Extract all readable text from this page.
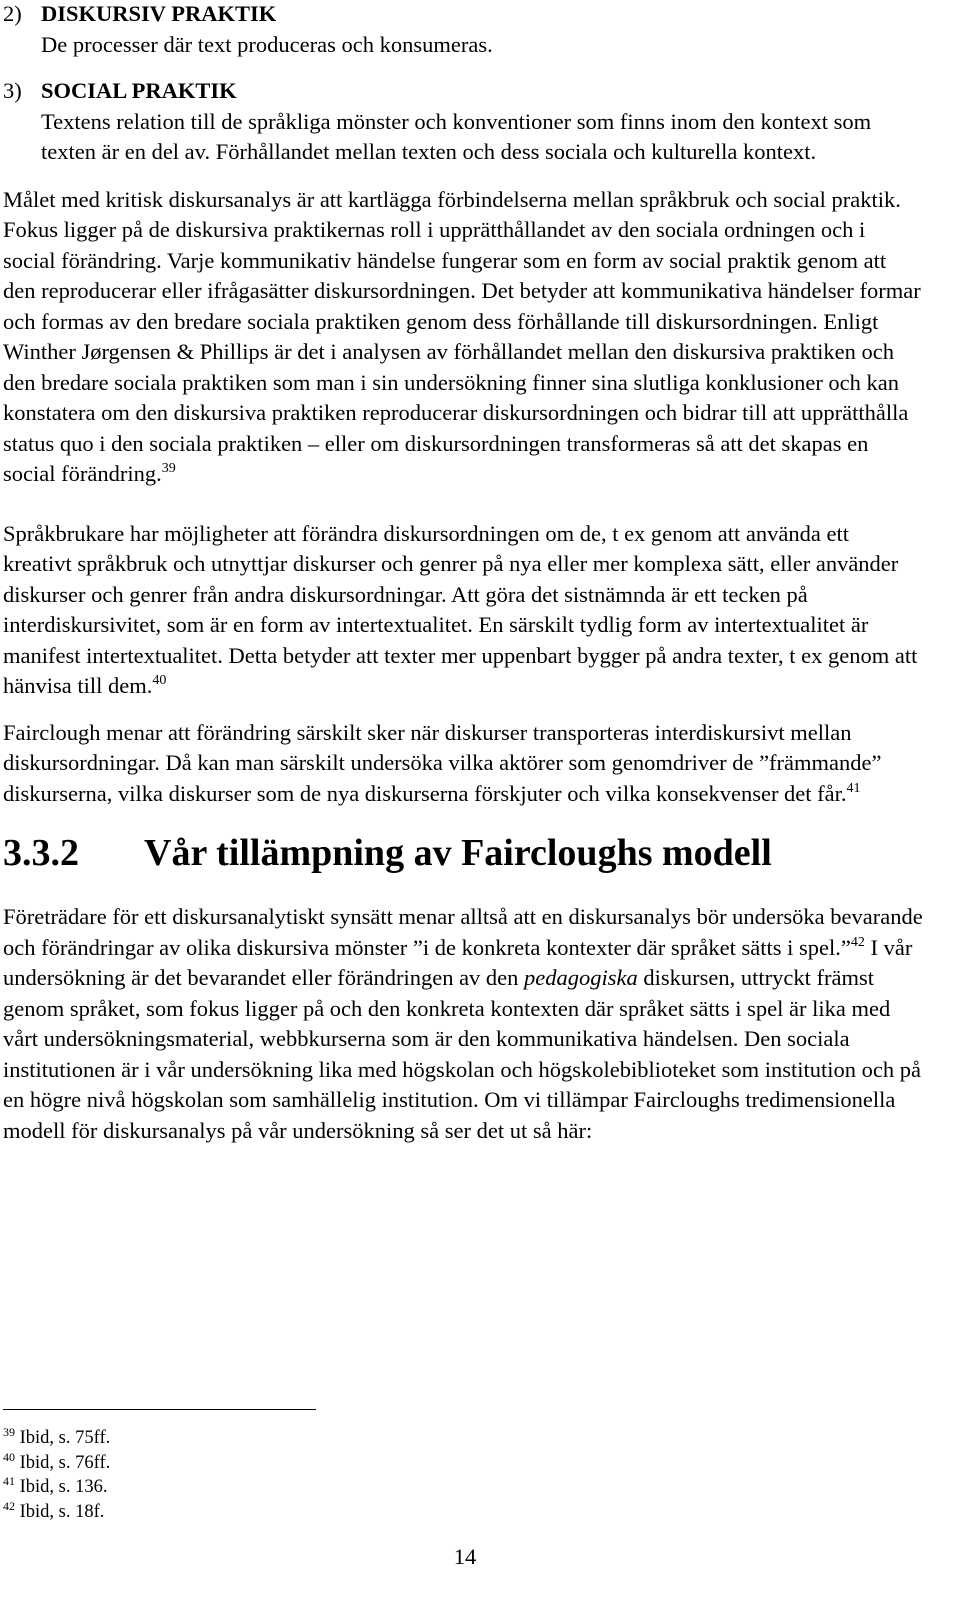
2) DISKURSIV PRAKTIK
De processer där text produceras och konsumeras.
3) SOCIAL PRAKTIK
Textens relation till de språkliga mönster och konventioner som finns inom den kontext som texten är en del av. Förhållandet mellan texten och dess sociala och kulturella kontext.

Målet med kritisk diskursanalys är att kartlägga förbindelserna mellan språkbruk och social praktik. Fokus ligger på de diskursiva praktikernas roll i upprätthållandet av den sociala ordningen och i social förändring. Varje kommunikativ händelse fungerar som en form av social praktik genom att den reproducerar eller ifrågasätter diskursordningen. Det betyder att kommunikativa händelser formar och formas av den bredare sociala praktiken genom dess förhållande till diskursordningen. Enligt Winther Jørgensen & Phillips är det i analysen av förhållandet mellan den diskursiva praktiken och den bredare sociala praktiken som man i sin undersökning finner sina slutliga konklusioner och kan konstatera om den diskursiva praktiken reproducerar diskursordningen och bidrar till att upprätthålla status quo i den sociala praktiken – eller om diskursordningen transformeras så att det skapas en social förändring.$^{39}$

Språkbrukare har möjligheter att förändra diskursordningen om de, t ex genom att använda ett kreativt språkbruk och utnyttjar diskurser och genrer på nya eller mer komplexa sätt, eller använder diskurser och genrer från andra diskursordningar. Att göra det sistnämnda är ett tecken på interdiskursivitet, som är en form av intertextualitet. En särskilt tydlig form av intertextualitet är manifest intertextualitet. Detta betyder att texter mer uppenbart bygger på andra texter, t ex genom att hänvisa till dem.$^{40}$

Fairclough menar att förändring särskilt sker när diskurser transporteras interdiskursivt mellan diskursordningar. Då kan man särskilt undersöka vilka aktörer som genomdriver de ”främmande” diskurserna, vilka diskurser som de nya diskurserna förskjuter och vilka konsekvenser det får.$^{41}$

3.3.2 Vår tillämpning av Faircloughs modell

Företrädare för ett diskursanalytiskt synsätt menar alltså att en diskursanalys bör undersöka bevarande och förändringar av olika diskursiva mönster ”i de konkreta kontexter där språket sätts i spel.”$^{42}$ I vår undersökning är det bevarandet eller förändringen av den pedagogiska diskursen, uttryckt främst genom språket, som fokus ligger på och den konkreta kontexten där språket sätts i spel är lika med vårt undersökningsmaterial, webbkurserna som är den kommunikativa händelsen. Den sociala institutionen är i vår undersökning lika med högskolan och högskolebiblioteket som institution och på en högre nivå högskolan som samhällelig institution. Om vi tillämpar Faircloughs tredimensionella modell för diskursanalys på vår undersökning så ser det ut så här:

$^{39}$ Ibid, s. 75ff.
$^{40}$ Ibid, s. 76ff.
$^{41}$ Ibid, s. 136.
$^{42}$ Ibid, s. 18f.
14
